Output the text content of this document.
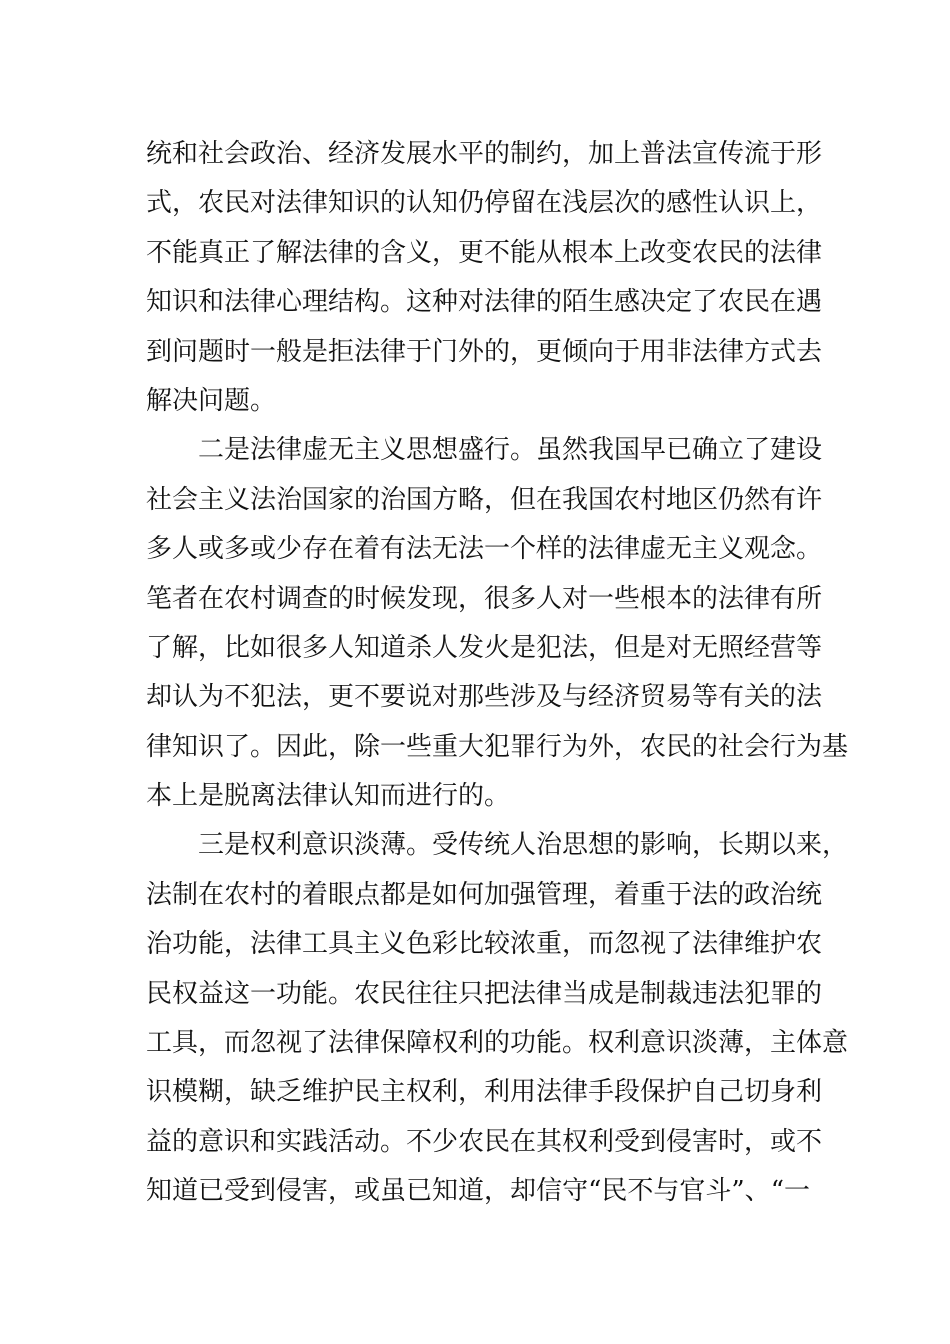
统和社会政治、经济发展水平的制约，加上普法宣传流于形
式，农民对法律知识的认知仍停留在浅层次的感性认识上，
不能真正了解法律的含义，更不能从根本上改变农民的法律
知识和法律心理结构。这种对法律的陌生感决定了农民在遇
到问题时一般是拒法律于门外的，更倾向于用非法律方式去
解决问题。
二是法律虚无主义思想盛行。虽然我国早已确立了建设
社会主义法治国家的治国方略，但在我国农村地区仍然有许
多人或多或少存在着有法无法一个样的法律虚无主义观念。
笔者在农村调查的时候发现，很多人对一些根本的法律有所
了解，比如很多人知道杀人发火是犯法，但是对无照经营等
却认为不犯法，更不要说对那些涉及与经济贸易等有关的法
律知识了。因此，除一些重大犯罪行为外，农民的社会行为基
本上是脱离法律认知而进行的。
三是权利意识淡薄。受传统人治思想的影响，长期以来，
法制在农村的着眼点都是如何加强管理，着重于法的政治统
治功能，法律工具主义色彩比较浓重，而忽视了法律维护农
民权益这一功能。农民往往只把法律当成是制裁违法犯罪的
工具，而忽视了法律保障权利的功能。权利意识淡薄，主体意
识模糊，缺乏维护民主权利，利用法律手段保护自己切身利
益的意识和实践活动。不少农民在其权利受到侵害时，或不
知道已受到侵害，或虽已知道，却信守“民不与官斗”、“一
